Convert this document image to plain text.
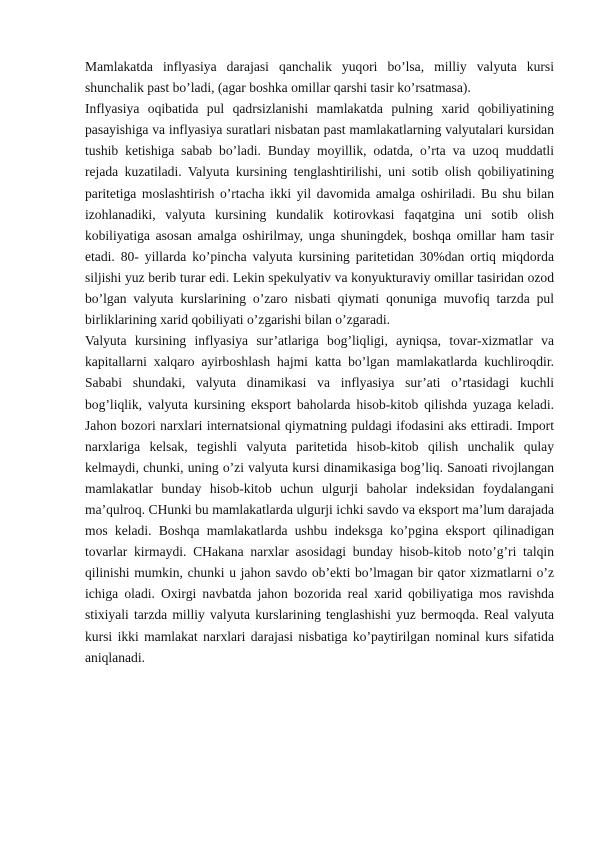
Mamlakatda inflyasiya darajasi qanchalik yuqori bo’lsa, milliy valyuta kursi shunchalik past bo’ladi, (agar boshka omillar qarshi tasir ko’rsatmasa).

Inflyasiya oqibatida pul qadrsizlanishi mamlakatda pulning xarid qobiliyatining pasayishiga va inflyasiya suratlari nisbatan past mamlakatlarning valyutalari kursidan tushib ketishiga sabab bo’ladi. Bunday moyillik, odatda, o’rta va uzoq muddatli rejada kuzatiladi. Valyuta kursining tenglashtirilishi, uni sotib olish qobiliyatining paritetiga moslashtirish o’rtacha ikki yil davomida amalga oshiriladi. Bu shu bilan izohlanadiki, valyuta kursining kundalik kotirovkasi faqatgina uni sotib olish kobiliyatiga asosan amalga oshirilmay, unga shuningdek, boshqa omillar ham tasir etadi. 80- yillarda ko’pincha valyuta kursining paritetidan 30%dan ortiq miqdorda siljishi yuz berib turar edi. Lekin spekulyativ va konyukturaviy omillar tasiridan ozod bo’lgan valyuta kurslarining o’zaro nisbati qiymati qonuniga muvofiq tarzda pul birliklarining xarid qobiliyati o’zgarishi bilan o’zgaradi.

Valyuta kursining inflyasiya sur’atlariga bog’liqligi, ayniqsa, tovar-xizmatlar va kapitallarni xalqaro ayirboshlash hajmi katta bo’lgan mamlakatlarda kuchliroqdir. Sababi shundaki, valyuta dinamikasi va inflyasiya sur’ati o’rtasidagi kuchli bog’liqlik, valyuta kursining eksport baholarda hisob-kitob qilishda yuzaga keladi. Jahon bozori narxlari internatsional qiymatning puldagi ifodasini aks ettiradi. Import narxlariga kelsak, tegishli valyuta paritetida hisob-kitob qilish unchalik qulay kelmaydi, chunki, uning o’zi valyuta kursi dinamikasiga bog’liq. Sanoati rivojlangan mamlakatlar bunday hisob-kitob uchun ulgurji baholar indeksidan foydalangani ma’qulroq. CHunki bu mamlakatlarda ulgurji ichki savdo va eksport ma’lum darajada mos keladi. Boshqa mamlakatlarda ushbu indeksga ko’pgina eksport qilinadigan tovarlar kirmaydi. CHakana narxlar asosidagi bunday hisob-kitob noto’g’ri talqin qilinishi mumkin, chunki u jahon savdo ob’ekti bo’lmagan bir qator xizmatlarni o’z ichiga oladi. Oxirgi navbatda jahon bozorida real xarid qobiliyatiga mos ravishda stixiyali tarzda milliy valyuta kurslarining tenglashishi yuz bermoqda. Real valyuta kursi ikki mamlakat narxlari darajasi nisbatiga ko’paytirilgan nominal kurs sifatida aniqlanadi.
